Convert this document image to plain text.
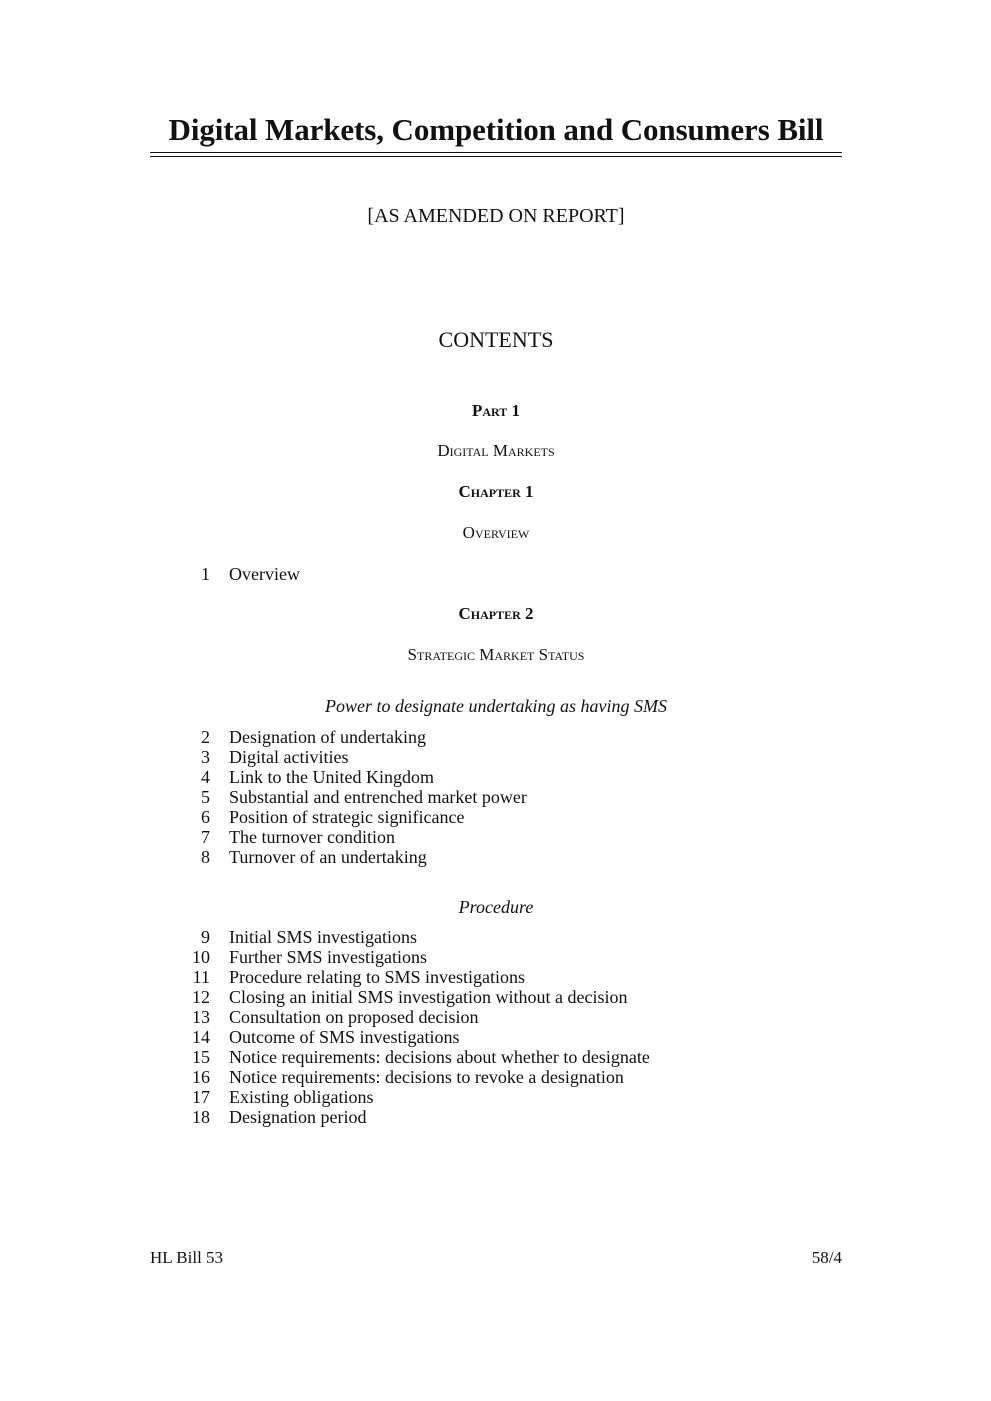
Digital Markets, Competition and Consumers Bill

[AS AMENDED ON REPORT]

CONTENTS

Part 1

Digital Markets

Chapter 1

Overview

1 Overview

Chapter 2

Strategic Market Status

Power to designate undertaking as having SMS

2 Designation of undertaking
3 Digital activities
4 Link to the United Kingdom
5 Substantial and entrenched market power
6 Position of strategic significance
7 The turnover condition
8 Turnover of an undertaking

Procedure

9 Initial SMS investigations
10 Further SMS investigations
11 Procedure relating to SMS investigations
12 Closing an initial SMS investigation without a decision
13 Consultation on proposed decision
14 Outcome of SMS investigations
15 Notice requirements: decisions about whether to designate
16 Notice requirements: decisions to revoke a designation
17 Existing obligations
18 Designation period
HL Bill 53	58/4
